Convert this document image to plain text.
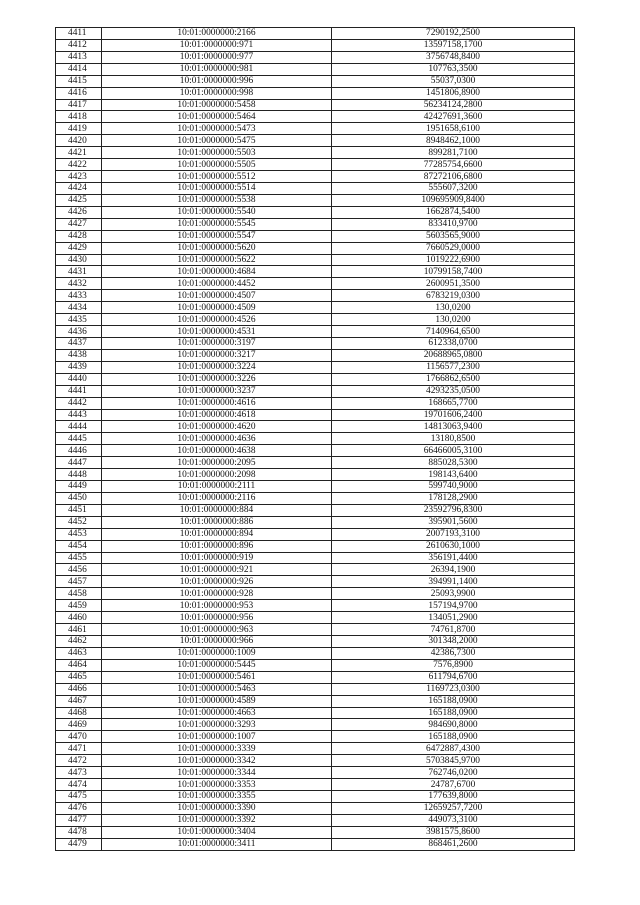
4411	10:01:0000000:2166	7290192,2500
4412	10:01:0000000:971	13597158,1700
4413	10:01:0000000:977	3756748,8400
4414	10:01:0000000:981	107763,3500
4415	10:01:0000000:996	55037,0300
4416	10:01:0000000:998	1451806,8900
4417	10:01:0000000:5458	56234124,2800
4418	10:01:0000000:5464	42427691,3600
4419	10:01:0000000:5473	1951658,6100
4420	10:01:0000000:5475	8948462,1000
4421	10:01:0000000:5503	899281,7100
4422	10:01:0000000:5505	77285754,6600
4423	10:01:0000000:5512	87272106,6800
4424	10:01:0000000:5514	555607,3200
4425	10:01:0000000:5538	109695909,8400
4426	10:01:0000000:5540	1662874,5400
4427	10:01:0000000:5545	833410,9700
4428	10:01:0000000:5547	5603565,9000
4429	10:01:0000000:5620	7660529,0000
4430	10:01:0000000:5622	1019222,6900
4431	10:01:0000000:4684	10799158,7400
4432	10:01:0000000:4452	2600951,3500
4433	10:01:0000000:4507	6783219,0300
4434	10:01:0000000:4509	130,0200
4435	10:01:0000000:4526	130,0200
4436	10:01:0000000:4531	7140964,6500
4437	10:01:0000000:3197	612338,0700
4438	10:01:0000000:3217	20688965,0800
4439	10:01:0000000:3224	1156577,2300
4440	10:01:0000000:3226	1766862,6500
4441	10:01:0000000:3237	4293235,0500
4442	10:01:0000000:4616	168665,7700
4443	10:01:0000000:4618	19701606,2400
4444	10:01:0000000:4620	14813063,9400
4445	10:01:0000000:4636	13180,8500
4446	10:01:0000000:4638	66466005,3100
4447	10:01:0000000:2095	885028,5300
4448	10:01:0000000:2098	198143,6400
4449	10:01:0000000:2111	599740,9000
4450	10:01:0000000:2116	178128,2900
4451	10:01:0000000:884	23592796,8300
4452	10:01:0000000:886	395901,5600
4453	10:01:0000000:894	2007193,3100
4454	10:01:0000000:896	2610630,1000
4455	10:01:0000000:919	356191,4400
4456	10:01:0000000:921	26394,1900
4457	10:01:0000000:926	394991,1400
4458	10:01:0000000:928	25093,9900
4459	10:01:0000000:953	157194,9700
4460	10:01:0000000:956	134051,2900
4461	10:01:0000000:963	74761,8700
4462	10:01:0000000:966	301348,2000
4463	10:01:0000000:1009	42386,7300
4464	10:01:0000000:5445	7576,8900
4465	10:01:0000000:5461	611794,6700
4466	10:01:0000000:5463	1169723,0300
4467	10:01:0000000:4589	165188,0900
4468	10:01:0000000:4663	165188,0900
4469	10:01:0000000:3293	984690,8000
4470	10:01:0000000:1007	165188,0900
4471	10:01:0000000:3339	6472887,4300
4472	10:01:0000000:3342	5703845,9700
4473	10:01:0000000:3344	762746,0200
4474	10:01:0000000:3353	24787,6700
4475	10:01:0000000:3355	177639,8000
4476	10:01:0000000:3390	12659257,7200
4477	10:01:0000000:3392	449073,3100
4478	10:01:0000000:3404	3981575,8600
4479	10:01:0000000:3411	868461,2600
